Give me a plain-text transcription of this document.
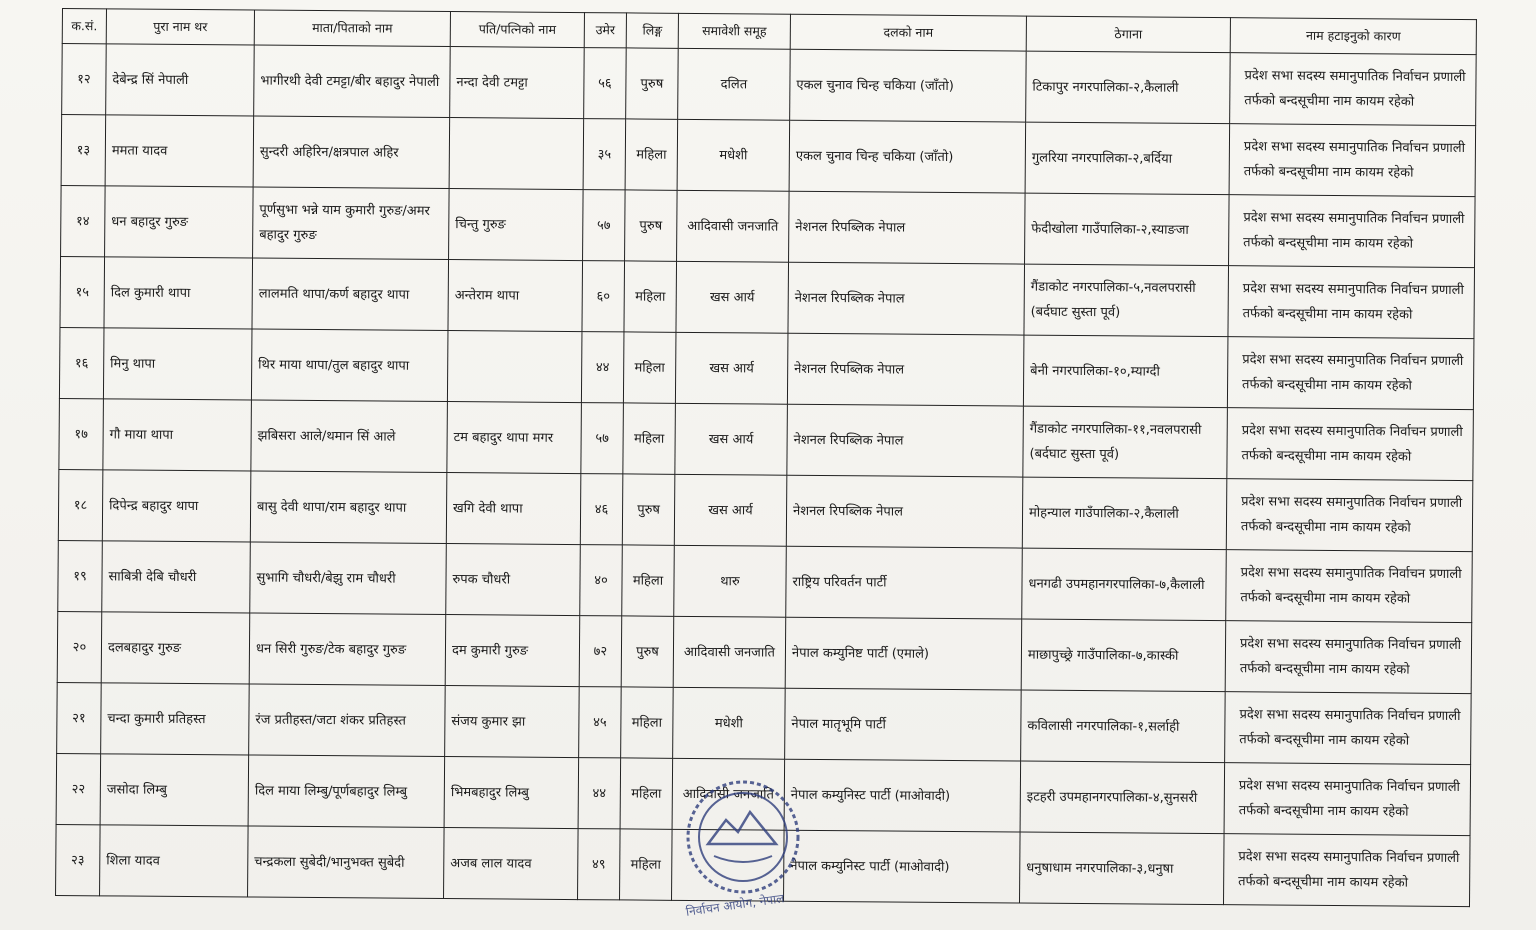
क.सं.	पुरा नाम थर	माता/पिताको नाम	पति/पत्निको नाम	उमेर	लिङ्ग	समावेशी समूह	दलको नाम	ठेगाना	नाम हटाइनुको कारण
१२	देबेन्द्र सिं नेपाली	भागीरथी देवी टमट्टा/बीर बहादुर नेपाली	नन्दा देवी टमट्टा	५६	पुरुष	दलित	एकल चुनाव चिन्ह चकिया (जाँतो)	टिकापुर नगरपालिका-२,कैलाली	प्रदेश सभा सदस्य समानुपातिक निर्वाचन प्रणाली तर्फको बन्दसूचीमा नाम कायम रहेको
१३	ममता यादव	सुन्दरी अहिरिन/क्षत्रपाल अहिर		३५	महिला	मधेशी	एकल चुनाव चिन्ह चकिया (जाँतो)	गुलरिया नगरपालिका-२,बर्दिया	प्रदेश सभा सदस्य समानुपातिक निर्वाचन प्रणाली तर्फको बन्दसूचीमा नाम कायम रहेको
१४	धन बहादुर गुरुङ	पूर्णसुभा भन्ने याम कुमारी गुरुङ/अमर बहादुर गुरुङ	चिन्तु गुरुङ	५७	पुरुष	आदिवासी जनजाति	नेशनल रिपब्लिक नेपाल	फेदीखोला गाउँपालिका-२,स्याङजा	प्रदेश सभा सदस्य समानुपातिक निर्वाचन प्रणाली तर्फको बन्दसूचीमा नाम कायम रहेको
१५	दिल कुमारी थापा	लालमति थापा/कर्ण बहादुर थापा	अन्तेराम थापा	६०	महिला	खस आर्य	नेशनल रिपब्लिक नेपाल	गैंडाकोट नगरपालिका-५,नवलपरासी (बर्दघाट सुस्ता पूर्व)	प्रदेश सभा सदस्य समानुपातिक निर्वाचन प्रणाली तर्फको बन्दसूचीमा नाम कायम रहेको
१६	मिनु थापा	थिर माया थापा/तुल बहादुर थापा		४४	महिला	खस आर्य	नेशनल रिपब्लिक नेपाल	बेनी नगरपालिका-१०,म्याग्दी	प्रदेश सभा सदस्य समानुपातिक निर्वाचन प्रणाली तर्फको बन्दसूचीमा नाम कायम रहेको
१७	गौ माया थापा	झबिसरा आले/थमान सिं आले	टम बहादुर थापा मगर	५७	महिला	खस आर्य	नेशनल रिपब्लिक नेपाल	गैंडाकोट नगरपालिका-११,नवलपरासी (बर्दघाट सुस्ता पूर्व)	प्रदेश सभा सदस्य समानुपातिक निर्वाचन प्रणाली तर्फको बन्दसूचीमा नाम कायम रहेको
१८	दिपेन्द्र बहादुर थापा	बासु देवी थापा/राम बहादुर थापा	खगि देवी थापा	४६	पुरुष	खस आर्य	नेशनल रिपब्लिक नेपाल	मोहन्याल गाउँपालिका-२,कैलाली	प्रदेश सभा सदस्य समानुपातिक निर्वाचन प्रणाली तर्फको बन्दसूचीमा नाम कायम रहेको
१९	साबित्री देबि चौधरी	सुभागि चौधरी/बेझु राम चौधरी	रुपक चौधरी	४०	महिला	थारु	राष्ट्रिय परिवर्तन पार्टी	धनगढी उपमहानगरपालिका-७,कैलाली	प्रदेश सभा सदस्य समानुपातिक निर्वाचन प्रणाली तर्फको बन्दसूचीमा नाम कायम रहेको
२०	दलबहादुर गुरुङ	धन सिरी गुरुङ/टेक बहादुर गुरुङ	दम कुमारी गुरुङ	७२	पुरुष	आदिवासी जनजाति	नेपाल कम्युनिष्ट पार्टी (एमाले)	माछापुच्छ्रे गाउँपालिका-७,कास्की	प्रदेश सभा सदस्य समानुपातिक निर्वाचन प्रणाली तर्फको बन्दसूचीमा नाम कायम रहेको
२१	चन्दा कुमारी प्रतिहस्त	रंज प्रतीहस्त/जटा शंकर प्रतिहस्त	संजय कुमार झा	४५	महिला	मधेशी	नेपाल मातृभूमि पार्टी	कविलासी नगरपालिका-१,सर्लाही	प्रदेश सभा सदस्य समानुपातिक निर्वाचन प्रणाली तर्फको बन्दसूचीमा नाम कायम रहेको
२२	जसोदा लिम्बु	दिल माया लिम्बु/पूर्णबहादुर लिम्बु	भिमबहादुर लिम्बु	४४	महिला	आदिवासी जनजाति	नेपाल कम्युनिस्ट पार्टी (माओवादी)	इटहरी उपमहानगरपालिका-४,सुनसरी	प्रदेश सभा सदस्य समानुपातिक निर्वाचन प्रणाली तर्फको बन्दसूचीमा नाम कायम रहेको
२३	शिला यादव	चन्द्रकला सुबेदी/भानुभक्त सुबेदी	अजब लाल यादव	४९	महिला		नेपाल कम्युनिस्ट पार्टी (माओवादी)	धनुषाधाम नगरपालिका-३,धनुषा	प्रदेश सभा सदस्य समानुपातिक निर्वाचन प्रणाली तर्फको बन्दसूचीमा नाम कायम रहेको
निर्वाचन आयोग, नेपाल
